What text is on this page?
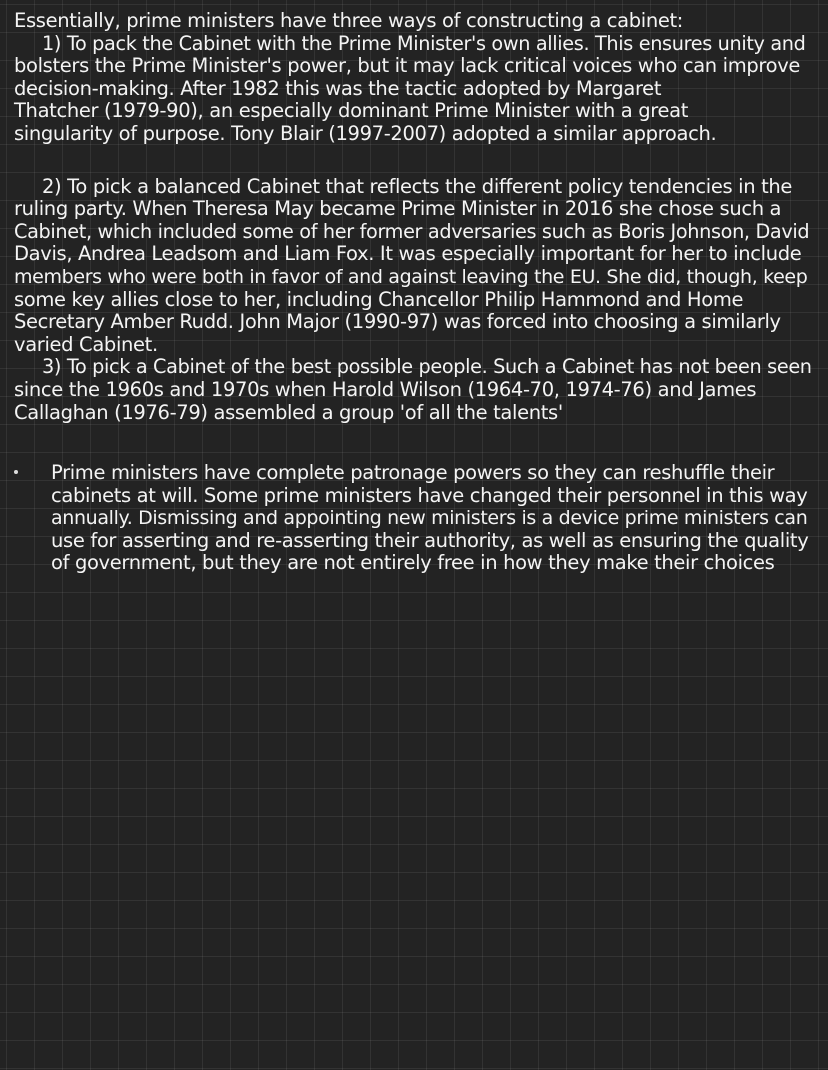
Essentially, prime ministers have three ways of constructing a cabinet:
1) To pack the Cabinet with the Prime Minister's own allies. This ensures unity and
bolsters the Prime Minister's power, but it may lack critical voices who can improve
decision-making. After 1982 this was the tactic adopted by Margaret
Thatcher (1979-90), an especially dominant Prime Minister with a great
singularity of purpose. Tony Blair (1997-2007) adopted a similar approach.
2) To pick a balanced Cabinet that reflects the different policy tendencies in the
ruling party. When Theresa May became Prime Minister in 2016 she chose such a
Cabinet, which included some of her former adversaries such as Boris Johnson, David
Davis, Andrea Leadsom and Liam Fox. It was especially important for her to include
members who were both in favor of and against leaving the EU. She did, though, keep
some key allies close to her, including Chancellor Philip Hammond and Home
Secretary Amber Rudd. John Major (1990-97) was forced into choosing a similarly
varied Cabinet.
3) To pick a Cabinet of the best possible people. Such a Cabinet has not been seen
since the 1960s and 1970s when Harold Wilson (1964-70, 1974-76) and James
Callaghan (1976-79) assembled a group 'of all the talents'
Prime ministers have complete patronage powers so they can reshuffle their
cabinets at will. Some prime ministers have changed their personnel in this way
annually. Dismissing and appointing new ministers is a device prime ministers can
use for asserting and re-asserting their authority, as well as ensuring the quality
of government, but they are not entirely free in how they make their choices
